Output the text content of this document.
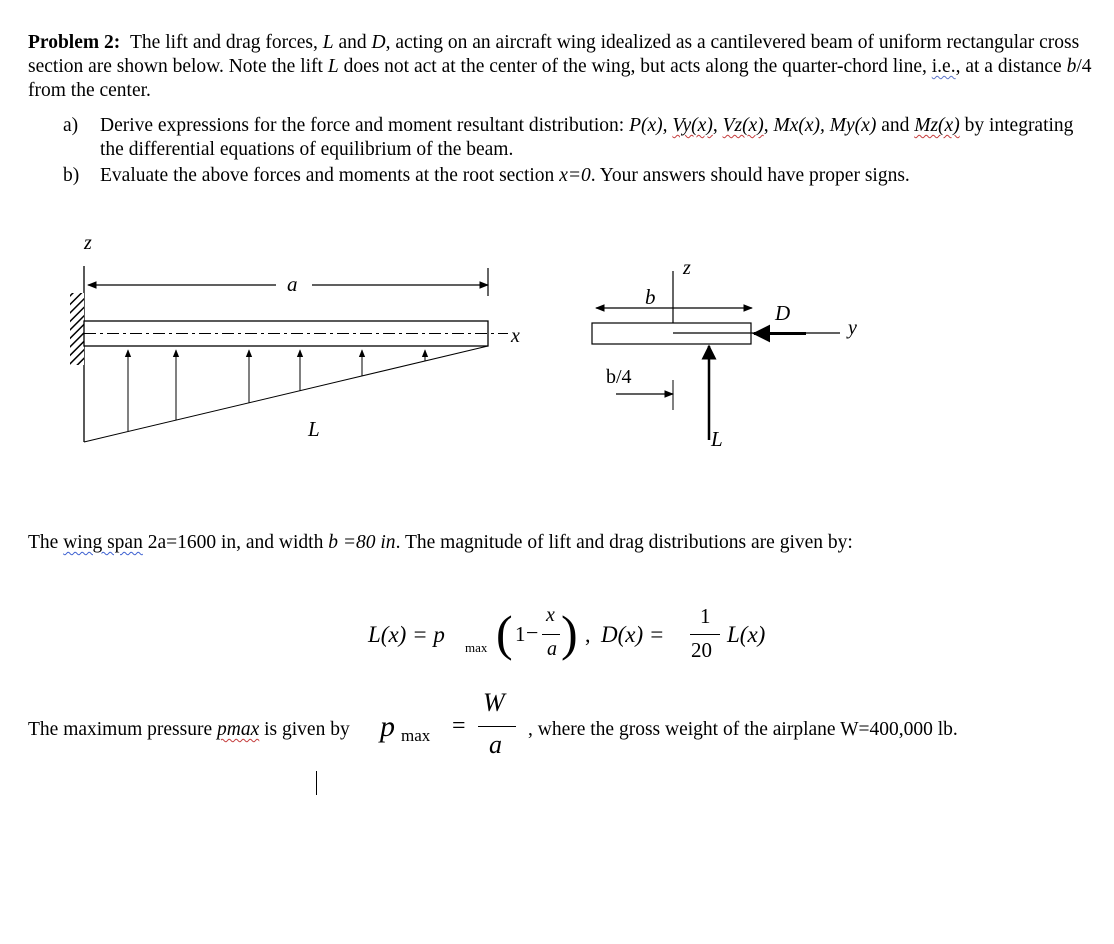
Problem 2: The lift and drag forces, L and D, acting on an aircraft wing idealized as a cantilevered beam of uniform rectangular cross section are shown below. Note the lift L does not act at the center of the wing, but acts along the quarter-chord line, i.e., at a distance b/4 from the center.
a) Derive expressions for the force and moment resultant distribution: P(x), Vy(x), Vz(x), Mx(x), My(x) and Mz(x) by integrating the differential equations of equilibrium of the beam.
b) Evaluate the above forces and moments at the root section x=0. Your answers should have proper signs.
z
a
x
L
z
b
y
D
L
b/4
The wing span 2a=1600 in, and width b =80 in. The magnitude of lift and drag distributions are given by:
L(x) = p
max ( 1 −
x
a ) , D(x) =
1
20
L(x)
The maximum pressure pmax is given by p max =
W
a
, where the gross weight of the airplane W=400,000 lb.
